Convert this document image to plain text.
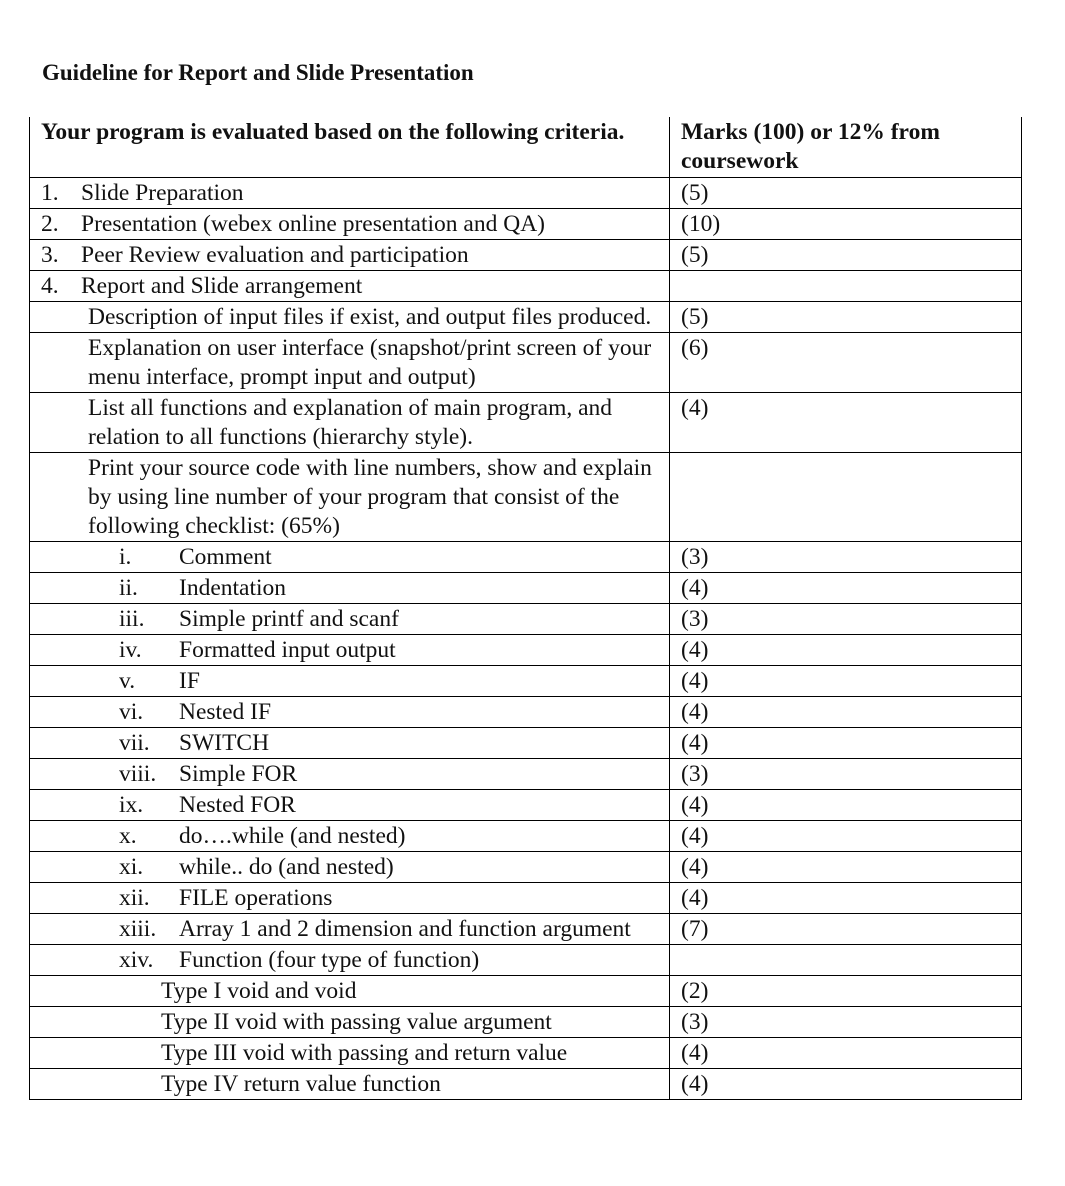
Guideline for Report and Slide Presentation
Your program is evaluated based on the following criteria.	Marks (100) or 12% from coursework

1. Slide Preparation	(5)

2. Presentation (webex online presentation and QA)	(10)

3. Peer Review evaluation and participation	(5)

4. Report and Slide arrangement	

Description of input files if exist, and output files produced.	(5)
Explanation on user interface (snapshot/print screen of your menu interface, prompt input and output)	(6)
List all functions and explanation of main program, and relation to all functions (hierarchy style).	(4)
Print your source code with line numbers, show and explain by using line number of your program that consist of the following checklist: (65%)	

i. Comment	(3)

ii. Indentation	(4)

iii. Simple printf and scanf	(3)

iv. Formatted input output	(4)

v. IF	(4)

vi. Nested IF	(4)

vii. SWITCH	(4)

viii. Simple FOR	(3)

ix. Nested FOR	(4)

x. do….while (and nested)	(4)

xi. while.. do (and nested)	(4)

xii. FILE operations	(4)

xiii. Array 1 and 2 dimension and function argument	(7)

xiv. Function (four type of function)	

Type I void and void	(2)

Type II void with passing value argument	(3)

Type III void with passing and return value	(4)

Type IV return value function	(4)
